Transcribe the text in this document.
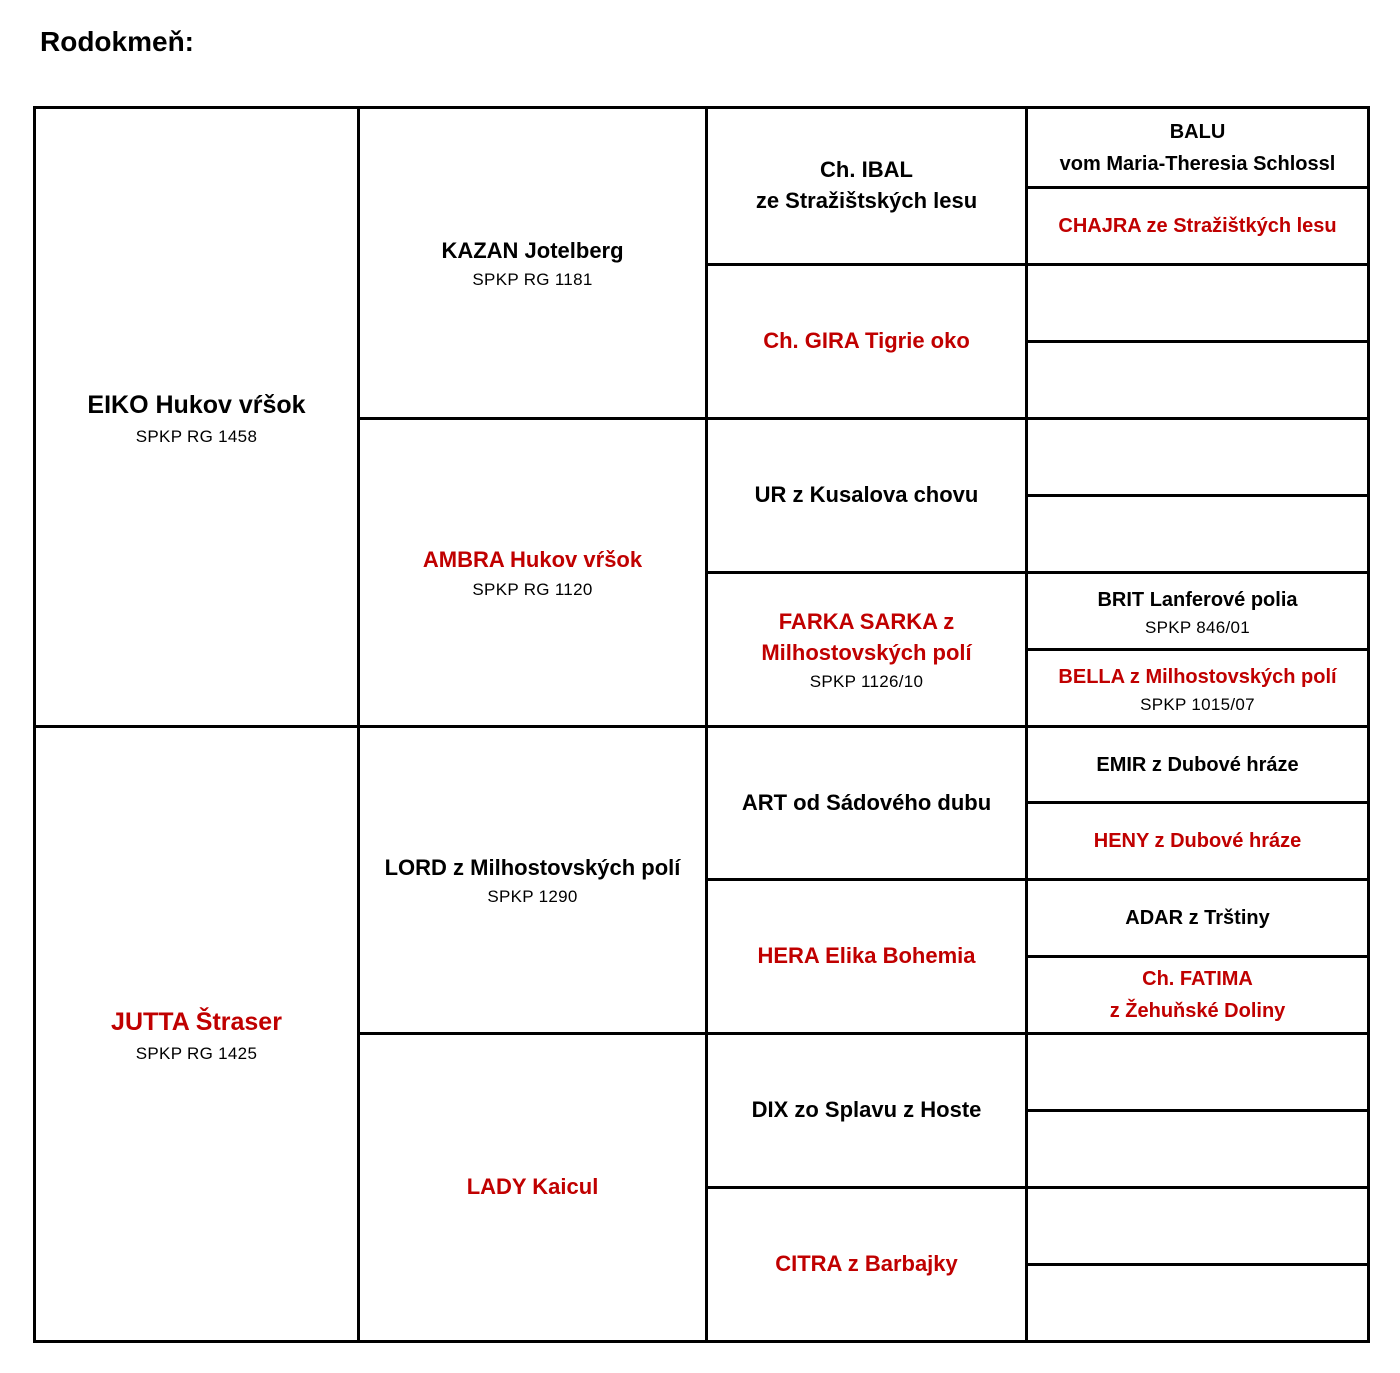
Rodokmeň:
EIKO Hukov vŕšok
SPKP RG 1458
JUTTA Štraser
SPKP RG 1425
KAZAN Jotelberg
SPKP RG 1181
AMBRA Hukov vŕšok
SPKP RG 1120
LORD z Milhostovských polí
SPKP 1290
LADY Kaicul
Ch. IBAL
ze Stražištských lesu
Ch. GIRA Tigrie oko
UR z Kusalova chovu
FARKA SARKA z
Milhostovských polí
SPKP 1126/10
ART od Sádového dubu
HERA Elika Bohemia
DIX zo Splavu z Hoste
CITRA z Barbajky
BALU
vom Maria-Theresia Schlossl
CHAJRA ze Stražištkých lesu
BRIT Lanferové polia
SPKP 846/01
BELLA z Milhostovských polí
SPKP 1015/07
EMIR z Dubové hráze
HENY z Dubové hráze
ADAR z Trštiny
Ch. FATIMA
z Žehuňské Doliny
